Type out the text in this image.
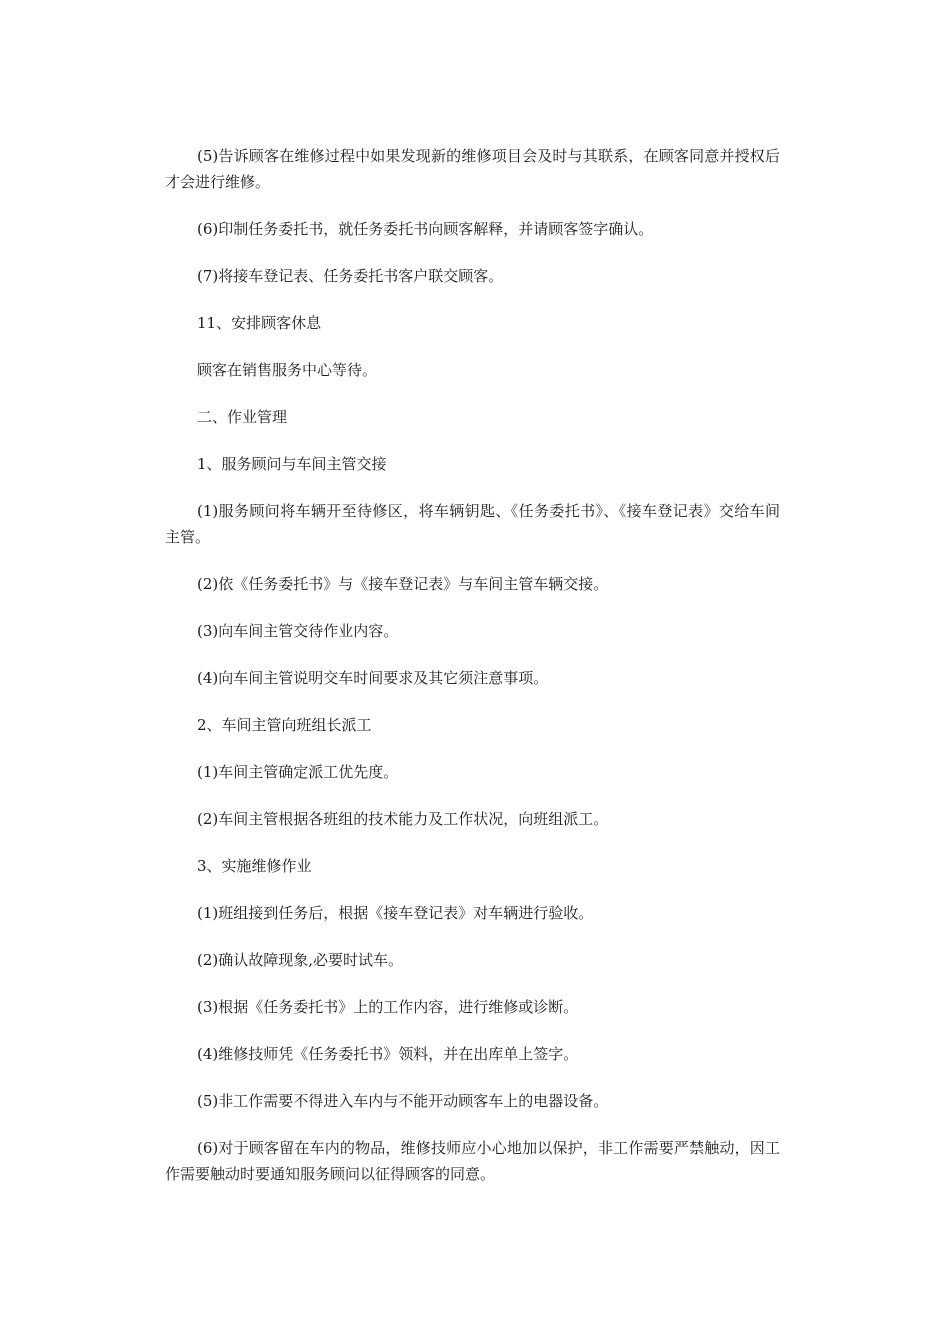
(5)告诉顾客在维修过程中如果发现新的维修项目会及时与其联系，在顾客同意并授权后才会进行维修。

(6)印制任务委托书，就任务委托书向顾客解释，并请顾客签字确认。

(7)将接车登记表、任务委托书客户联交顾客。

11、安排顾客休息

顾客在销售服务中心等待。

二、作业管理

1、服务顾问与车间主管交接

(1)服务顾问将车辆开至待修区，将车辆钥匙、《任务委托书》、《接车登记表》交给车间主管。

(2)依《任务委托书》与《接车登记表》与车间主管车辆交接。

(3)向车间主管交待作业内容。

(4)向车间主管说明交车时间要求及其它须注意事项。

2、车间主管向班组长派工

(1)车间主管确定派工优先度。

(2)车间主管根据各班组的技术能力及工作状况，向班组派工。

3、实施维修作业

(1)班组接到任务后，根据《接车登记表》对车辆进行验收。

(2)确认故障现象,必要时试车。

(3)根据《任务委托书》上的工作内容，进行维修或诊断。

(4)维修技师凭《任务委托书》领料，并在出库单上签字。

(5)非工作需要不得进入车内与不能开动顾客车上的电器设备。

(6)对于顾客留在车内的物品，维修技师应小心地加以保护，非工作需要严禁触动，因工作需要触动时要通知服务顾问以征得顾客的同意。
